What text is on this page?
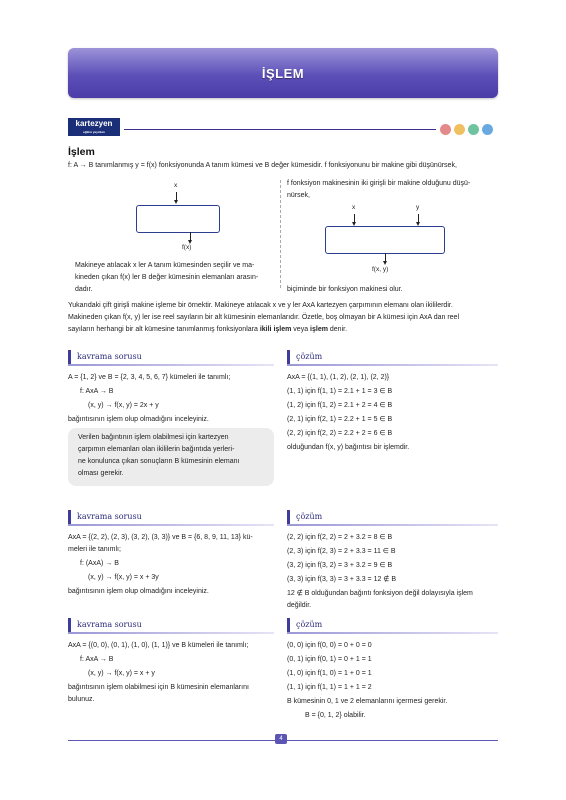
İŞLEM
kartezyen
eğitim yayınları
İşlem
f: A → B tanımlanmış y = f(x) fonksiyonunda A tanım kümesi ve B değer kümesidir. f fonksiyonunu bir makine gibi düşünürsek,
x
f(x)
Makineye atılacak x ler A tanım kümesinden seçilir ve ma-
kineden çıkan f(x) ler B değer kümesinin elemanları arasın-
dadır.
f fonksiyon makinesinin iki girişli bir makine olduğunu düşü-
nürsek,
x	y
f(x, y)
biçiminde bir fonksiyon makinesi olur.
Yukarıdaki çift girişli makine işleme bir örnektir. Makineye atılacak x ve y ler AxA kartezyen çarpımının elemanı olan ikililerdir.
Makineden çıkan f(x, y) ler ise reel sayıların bir alt kümesinin elemanlarıdır. Özetle, boş olmayan bir A kümesi için AxA dan reel
sayıların herhangi bir alt kümesine tanımlanmış fonksiyonlara ikili işlem veya işlem denir.
kavrama sorusu	çözüm
A = {1, 2} ve B = {2, 3, 4, 5, 6, 7} kümeleri ile tanımlı;
f: AxA → B
(x, y) → f(x, y) = 2x + y
bağıntısının işlem olup olmadığını inceleyiniz.
Verilen bağıntının işlem olabilmesi için kartezyen
çarpımın elemanları olan ikililerin bağıntıda yerleri-
ne konulunca çıkan sonuçların B kümesinin elemanı
olması gerekir.
AxA = {(1, 1), (1, 2), (2, 1), (2, 2)}
(1, 1) için f(1, 1) = 2.1 + 1 = 3 ∈ B
(1, 2) için f(1, 2) = 2.1 + 2 = 4 ∈ B
(2, 1) için f(2, 1) = 2.2 + 1 = 5 ∈ B
(2, 2) için f(2, 2) = 2.2 + 2 = 6 ∈ B
olduğundan f(x, y) bağıntısı bir işlemdir.
kavrama sorusu	çözüm
AxA = {(2, 2), (2, 3), (3, 2), (3, 3)} ve B = {6, 8, 9, 11, 13} kü-
meleri ile tanımlı;
f: (AxA) → B
(x, y) → f(x, y) = x + 3y
bağıntısının işlem olup olmadığını inceleyiniz.
(2, 2) için f(2, 2) = 2 + 3.2 = 8 ∈ B
(2, 3) için f(2, 3) = 2 + 3.3 = 11 ∈ B
(3, 2) için f(3, 2) = 3 + 3.2 = 9 ∈ B
(3, 3) için f(3, 3) = 3 + 3.3 = 12 ∉ B
12 ∉ B olduğundan bağıntı fonksiyon değil dolayısıyla işlem
değildir.
kavrama sorusu	çözüm
AxA = {(0, 0), (0, 1), (1, 0), (1, 1)} ve B kümeleri ile tanımlı;
f: AxA → B
(x, y) → f(x, y) = x + y
bağıntısının işlem olabilmesi için B kümesinin elemanlarını
bulunuz.
(0, 0) için f(0, 0) = 0 + 0 = 0
(0, 1) için f(0, 1) = 0 + 1 = 1
(1, 0) için f(1, 0) = 1 + 0 = 1
(1, 1) için f(1, 1) = 1 + 1 = 2
B kümesinin 0, 1 ve 2 elemanlarını içermesi gerekir.
B = {0, 1, 2} olabilir.
4
